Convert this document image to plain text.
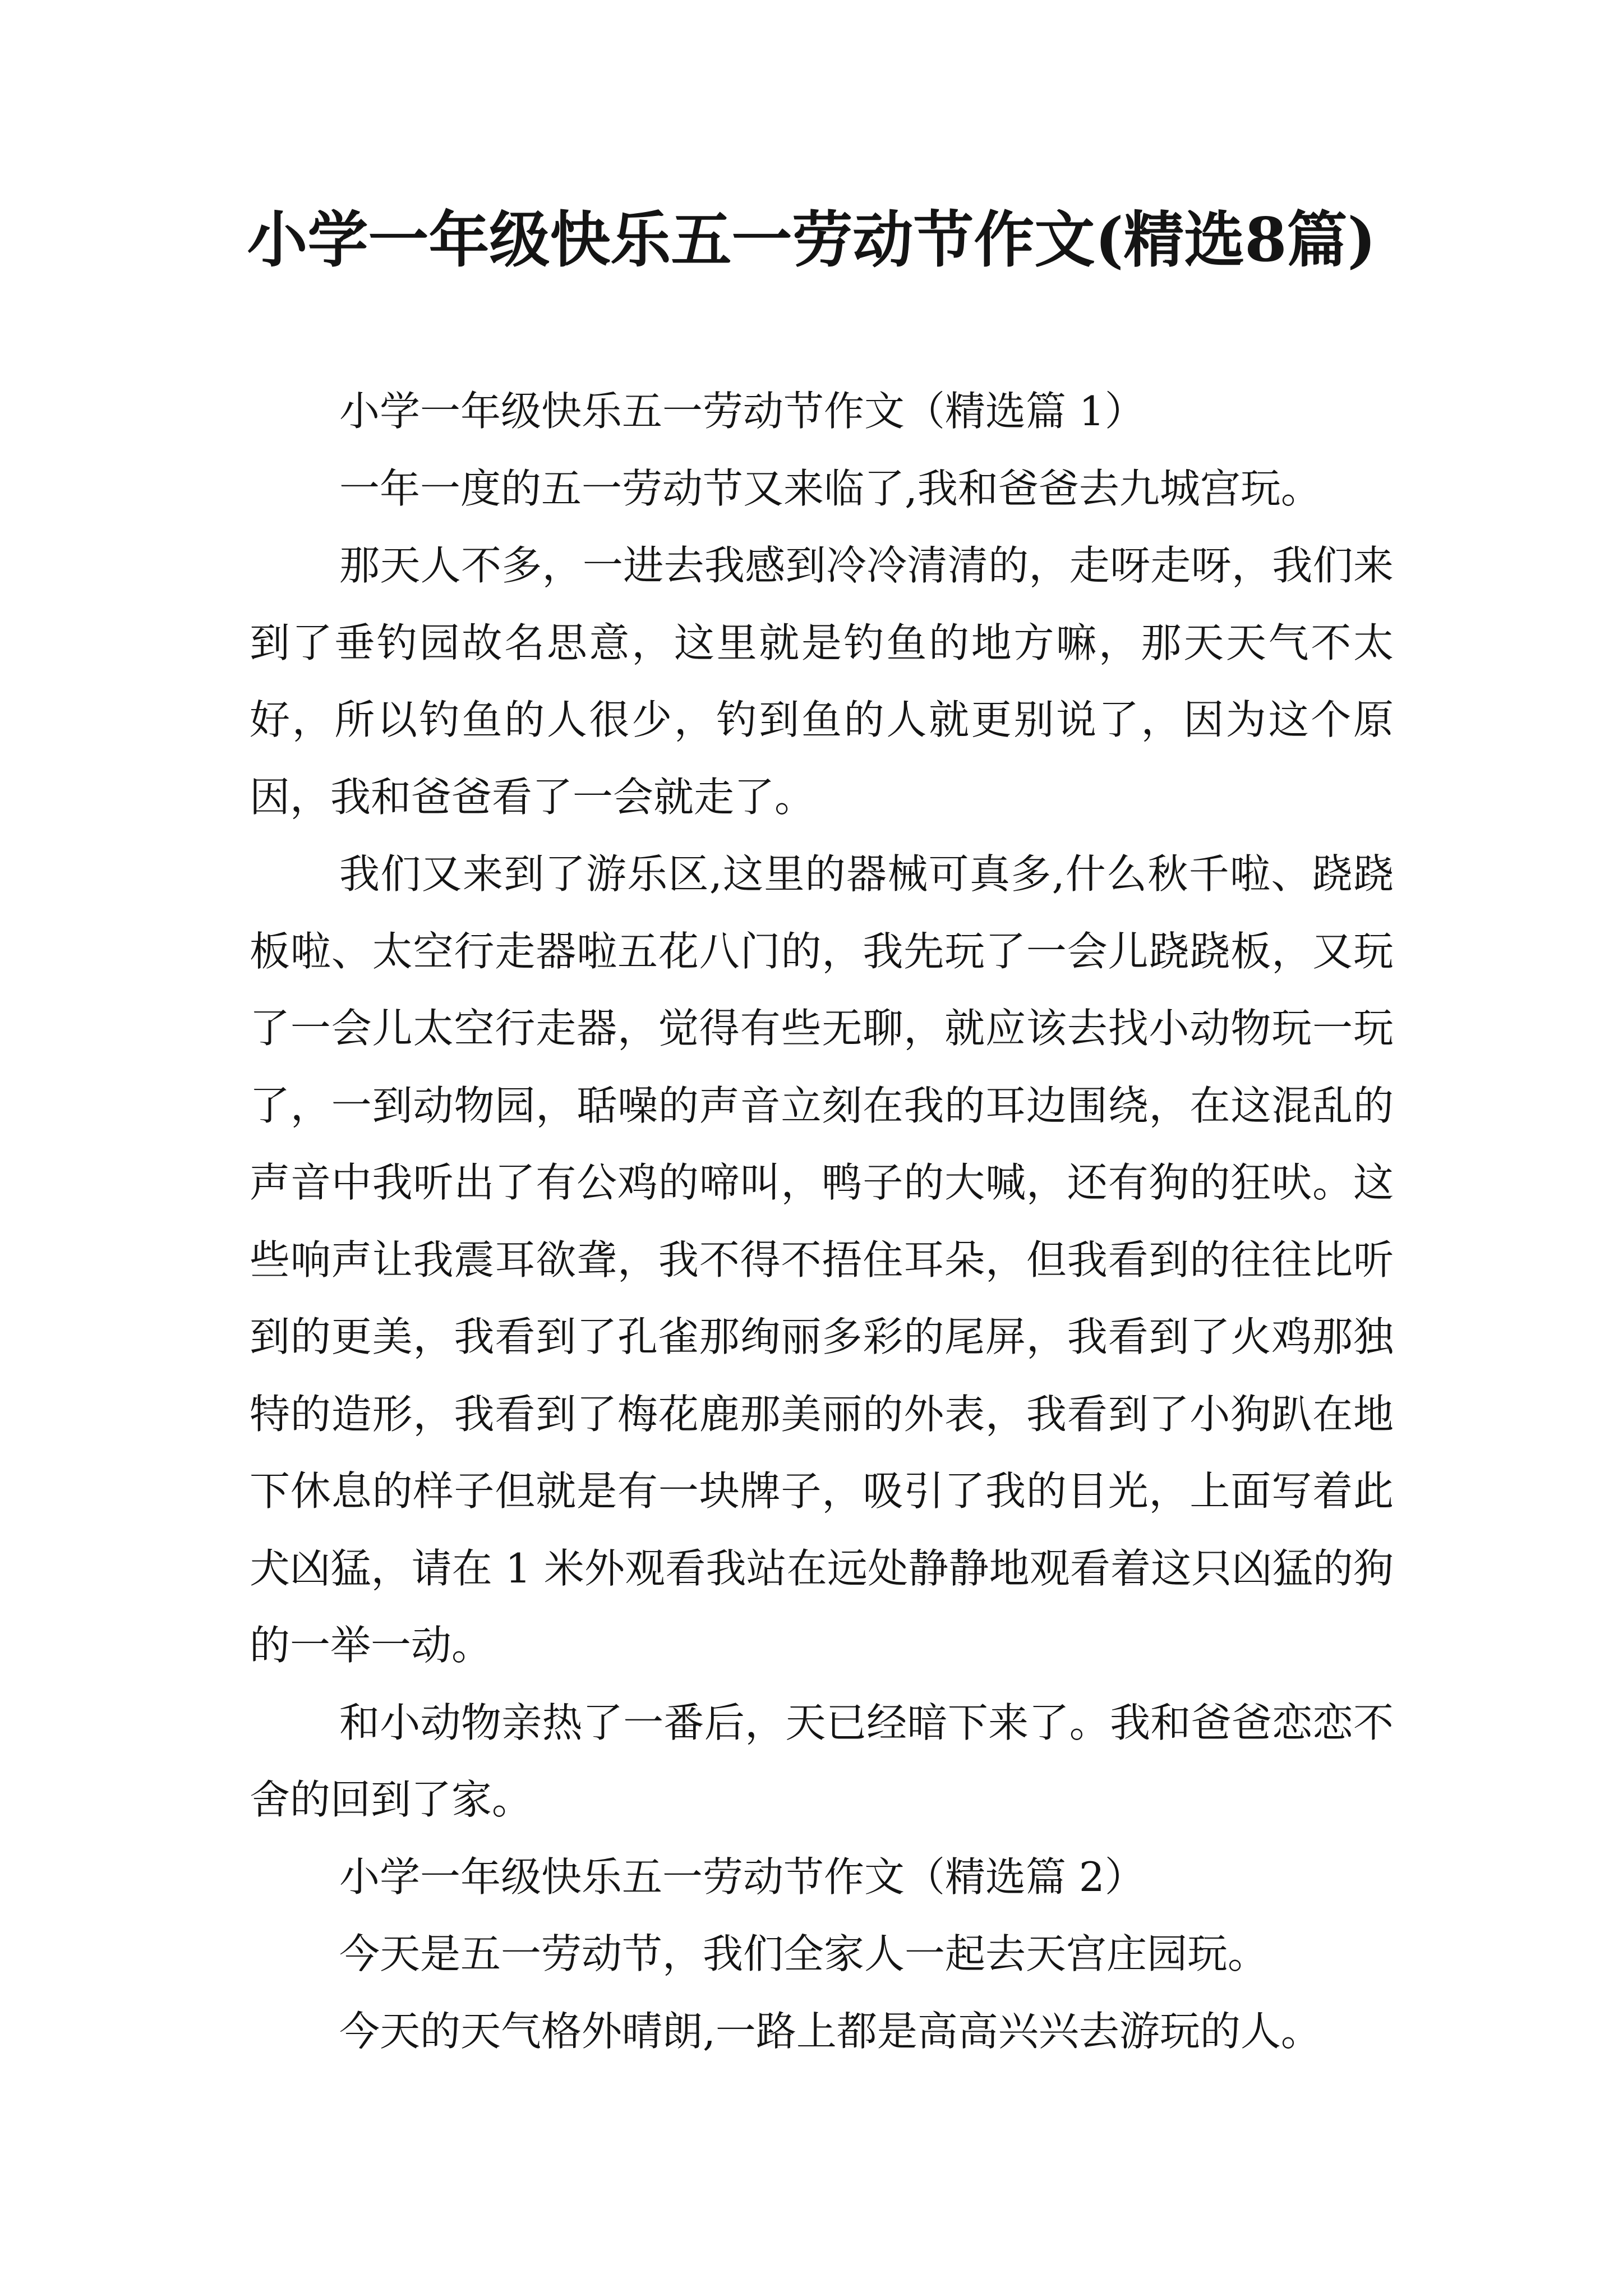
小学一年级快乐五一劳动节作文(精选8篇)

小学一年级快乐五一劳动节作文（精选篇 1）

一年一度的五一劳动节又来临了,我和爸爸去九城宫玩。

那天人不多，一进去我感到冷冷清清的，走呀走呀，我们来到了垂钓园故名思意，这里就是钓鱼的地方嘛，那天天气不太好，所以钓鱼的人很少，钓到鱼的人就更别说了，因为这个原因，我和爸爸看了一会就走了。

我们又来到了游乐区,这里的器械可真多,什么秋千啦、跷跷板啦、太空行走器啦五花八门的，我先玩了一会儿跷跷板，又玩了一会儿太空行走器，觉得有些无聊，就应该去找小动物玩一玩了，一到动物园，聒噪的声音立刻在我的耳边围绕，在这混乱的声音中我听出了有公鸡的啼叫，鸭子的大喊，还有狗的狂吠。这些响声让我震耳欲聋，我不得不捂住耳朵，但我看到的往往比听到的更美，我看到了孔雀那绚丽多彩的尾屏，我看到了火鸡那独特的造形，我看到了梅花鹿那美丽的外表，我看到了小狗趴在地下休息的样子但就是有一块牌子，吸引了我的目光，上面写着此犬凶猛，请在 1 米外观看我站在远处静静地观看着这只凶猛的狗的一举一动。

和小动物亲热了一番后，天已经暗下来了。我和爸爸恋恋不舍的回到了家。

小学一年级快乐五一劳动节作文（精选篇 2）

今天是五一劳动节，我们全家人一起去天宫庄园玩。

今天的天气格外晴朗,一路上都是高高兴兴去游玩的人。
